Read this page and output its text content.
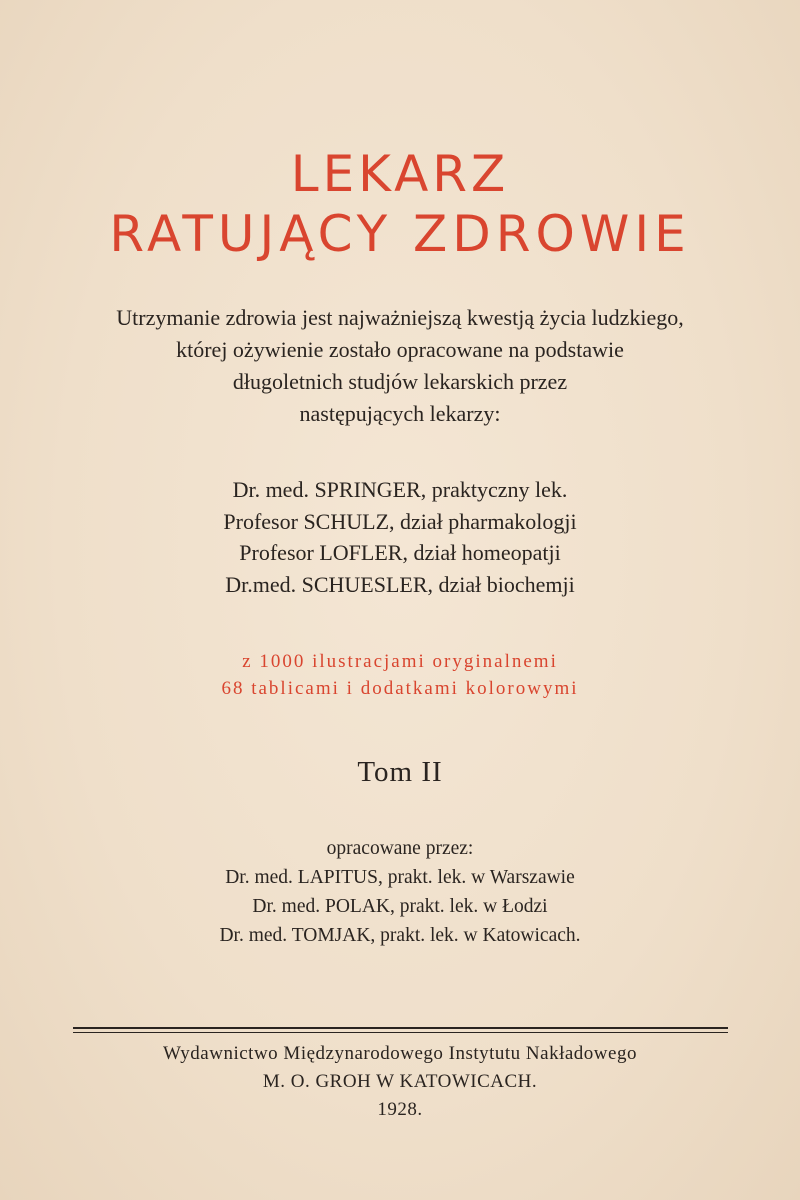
LEKARZ
RATUJĄCY ZDROWIE
Utrzymanie zdrowia jest najważniejszą kwestją życia ludzkiego,
której ożywienie zostało opracowane na podstawie
długoletnich studjów lekarskich przez
następujących lekarzy:
Dr. med. SPRINGER, praktyczny lek.
Profesor SCHULZ, dział pharmakologji
Profesor LOFLER, dział homeopatji
Dr.med. SCHUESLER, dział biochemji
z 1000 ilustracjami oryginalnemi
68 tablicami i dodatkami kolorowymi
Tom II
opracowane przez:
Dr. med. LAPITUS, prakt. lek. w Warszawie
Dr. med. POLAK, prakt. lek. w Łodzi
Dr. med. TOMJAK, prakt. lek. w Katowicach.
Wydawnictwo Międzynarodowego Instytutu Nakładowego
M. O. GROH W KATOWICACH.
1928.
